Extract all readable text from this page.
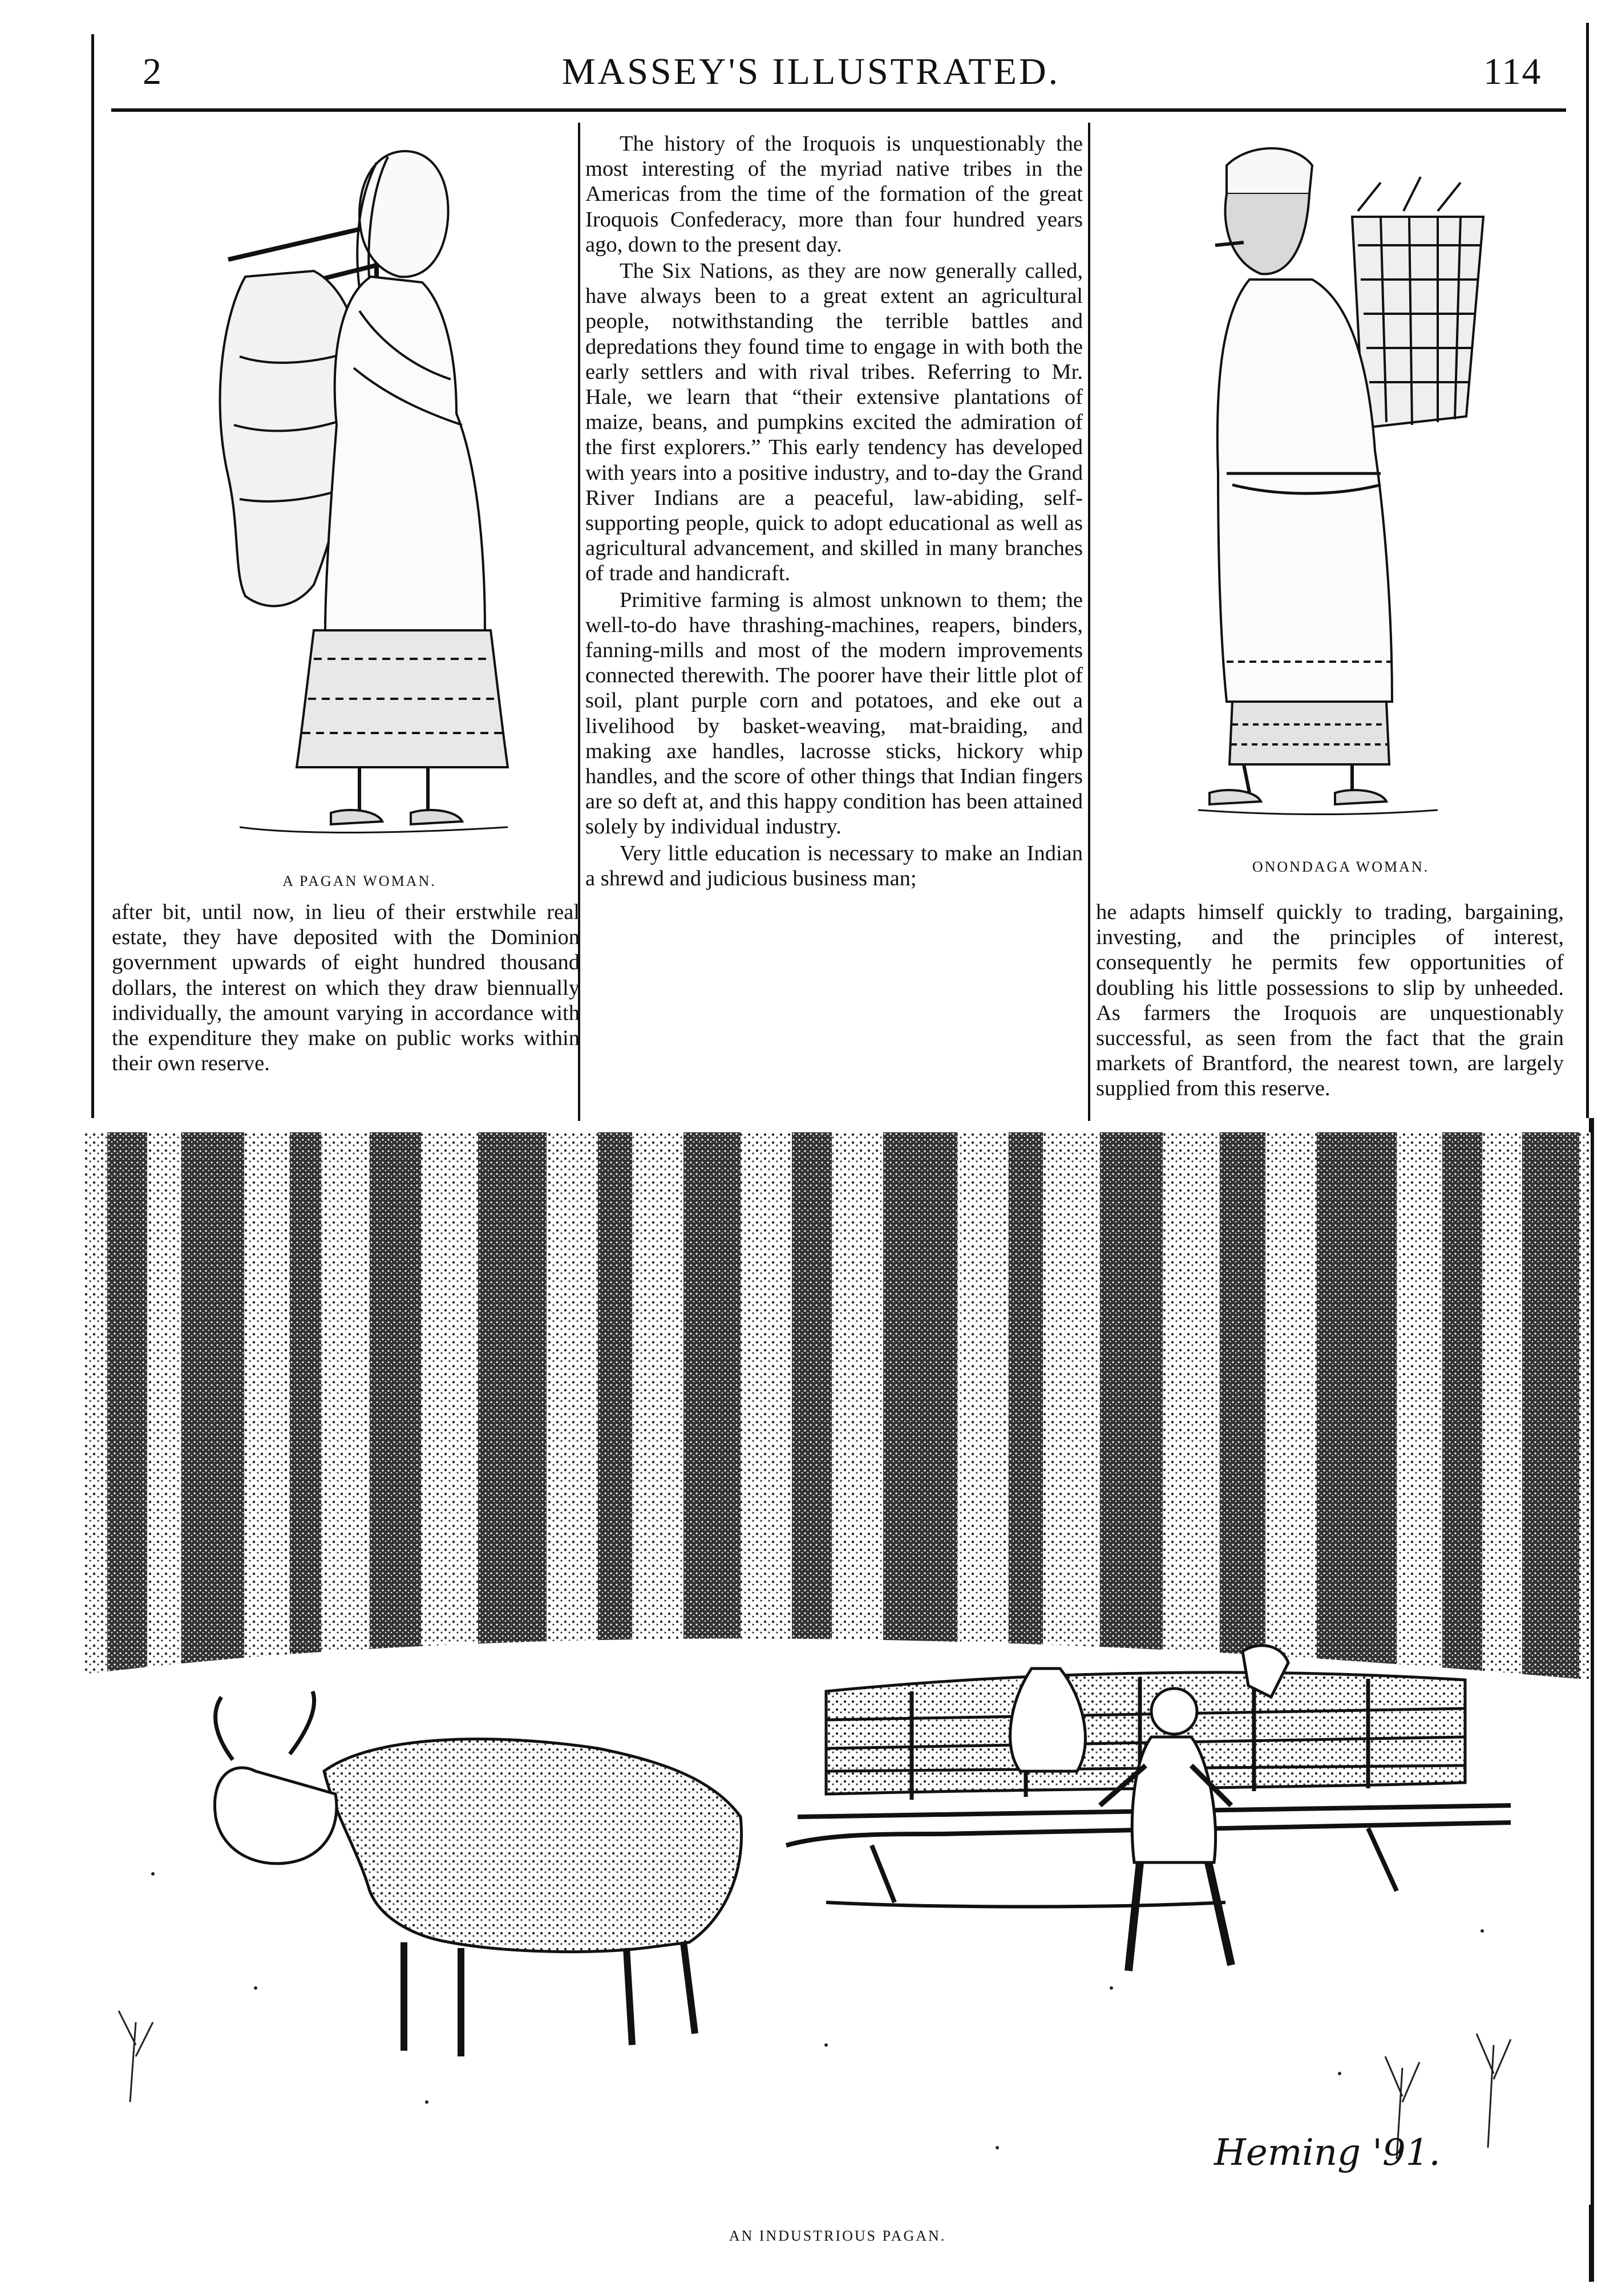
2	MASSEY'S ILLUSTRATED.	114
A PAGAN WOMAN.
ONONDAGA WOMAN.

The history of the Iroquois is unquestionably the most interesting of the myriad native tribes in the Americas from the time of the formation of the great Iroquois Confederacy, more than four hundred years ago, down to the present day.

The Six Nations, as they are now generally called, have always been to a great extent an agricultural people, notwithstanding the terrible battles and depredations they found time to engage in with both the early settlers and with rival tribes. Referring to Mr. Hale, we learn that “their extensive plantations of maize, beans, and pumpkins excited the admiration of the first explorers.” This early tendency has developed with years into a positive industry, and to-day the Grand River Indians are a peaceful, law-abiding, self-supporting people, quick to adopt educational as well as agricultural advancement, and skilled in many branches of trade and handicraft.

Primitive farming is almost unknown to them; the well-to-do have thrashing-machines, reapers, binders, fanning-mills and most of the modern improvements connected therewith. The poorer have their little plot of soil, plant purple corn and potatoes, and eke out a livelihood by basket-weaving, mat-braiding, and making axe handles, lacrosse sticks, hickory whip handles, and the score of other things that Indian fingers are so deft at, and this happy condition has been attained solely by individual industry.

Very little education is necessary to make an Indian a shrewd and judicious business man;

after bit, until now, in lieu of their erstwhile real estate, they have deposited with the Dominion government upwards of eight hundred thousand dollars, the interest on which they draw biennually individually, the amount varying in accordance with the expenditure they make on public works within their own reserve.

he adapts himself quickly to trading, bargaining, investing, and the principles of interest, consequently he permits few opportunities of doubling his little possessions to slip by unheeded. As farmers the Iroquois are unquestionably successful, as seen from the fact that the grain markets of Brantford, the nearest town, are largely supplied from this reserve.

Heming '91.
AN INDUSTRIOUS PAGAN.
